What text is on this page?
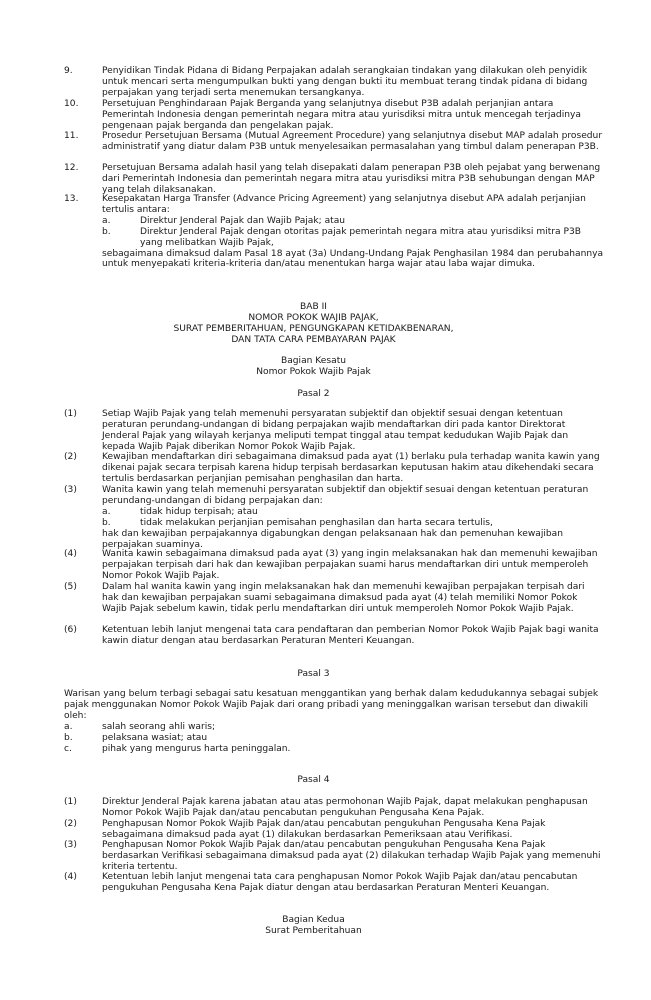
9.	Penyidikan Tindak Pidana di Bidang Perpajakan adalah serangkaian tindakan yang dilakukan oleh penyidik untuk mencari serta mengumpulkan bukti yang dengan bukti itu membuat terang tindak pidana di bidang perpajakan yang terjadi serta menemukan tersangkanya.
10.	Persetujuan Penghindaraan Pajak Berganda yang selanjutnya disebut P3B adalah perjanjian antara Pemerintah Indonesia dengan pemerintah negara mitra atau yurisdiksi mitra untuk mencegah terjadinya pengenaan pajak berganda dan pengelakan pajak.
11.	Prosedur Persetujuan Bersama (Mutual Agreement Procedure) yang selanjutnya disebut MAP adalah prosedur administratif yang diatur dalam P3B untuk menyelesaikan permasalahan yang timbul dalam penerapan P3B.
12.	Persetujuan Bersama adalah hasil yang telah disepakati dalam penerapan P3B oleh pejabat yang berwenang dari Pemerintah Indonesia dan pemerintah negara mitra atau yurisdiksi mitra P3B sehubungan dengan MAP yang telah dilaksanakan.
13.	Kesepakatan Harga Transfer (Advance Pricing Agreement) yang selanjutnya disebut APA adalah perjanjian tertulis antara:
a.	Direktur Jenderal Pajak dan Wajib Pajak; atau
b.	Direktur Jenderal Pajak dengan otoritas pajak pemerintah negara mitra atau yurisdiksi mitra P3B yang melibatkan Wajib Pajak,
sebagaimana dimaksud dalam Pasal 18 ayat (3a) Undang-Undang Pajak Penghasilan 1984 dan perubahannya untuk menyepakati kriteria-kriteria dan/atau menentukan harga wajar atau laba wajar dimuka.
BAB II
NOMOR POKOK WAJIB PAJAK,
SURAT PEMBERITAHUAN, PENGUNGKAPAN KETIDAKBENARAN,
DAN TATA CARA PEMBAYARAN PAJAK
Bagian Kesatu
Nomor Pokok Wajib Pajak
Pasal 2
(1)	Setiap Wajib Pajak yang telah memenuhi persyaratan subjektif dan objektif sesuai dengan ketentuan peraturan perundang-undangan di bidang perpajakan wajib mendaftarkan diri pada kantor Direktorat Jenderal Pajak yang wilayah kerjanya meliputi tempat tinggal atau tempat kedudukan Wajib Pajak dan kepada Wajib Pajak diberikan Nomor Pokok Wajib Pajak.
(2)	Kewajiban mendaftarkan diri sebagaimana dimaksud pada ayat (1) berlaku pula terhadap wanita kawin yang dikenai pajak secara terpisah karena hidup terpisah berdasarkan keputusan hakim atau dikehendaki secara tertulis berdasarkan perjanjian pemisahan penghasilan dan harta.
(3)	Wanita kawin yang telah memenuhi persyaratan subjektif dan objektif sesuai dengan ketentuan peraturan perundang-undangan di bidang perpajakan dan:
a.	tidak hidup terpisah; atau
b.	tidak melakukan perjanjian pemisahan penghasilan dan harta secara tertulis,
hak dan kewajiban perpajakannya digabungkan dengan pelaksanaan hak dan pemenuhan kewajiban perpajakan suaminya.
(4)	Wanita kawin sebagaimana dimaksud pada ayat (3) yang ingin melaksanakan hak dan memenuhi kewajiban perpajakan terpisah dari hak dan kewajiban perpajakan suami harus mendaftarkan diri untuk memperoleh Nomor Pokok Wajib Pajak.
(5)	Dalam hal wanita kawin yang ingin melaksanakan hak dan memenuhi kewajiban perpajakan terpisah dari hak dan kewajiban perpajakan suami sebagaimana dimaksud pada ayat (4) telah memiliki Nomor Pokok Wajib Pajak sebelum kawin, tidak perlu mendaftarkan diri untuk memperoleh Nomor Pokok Wajib Pajak.
(6)	Ketentuan lebih lanjut mengenai tata cara pendaftaran dan pemberian Nomor Pokok Wajib Pajak bagi wanita kawin diatur dengan atau berdasarkan Peraturan Menteri Keuangan.
Pasal 3
Warisan yang belum terbagi sebagai satu kesatuan menggantikan yang berhak dalam kedudukannya sebagai subjek pajak menggunakan Nomor Pokok Wajib Pajak dari orang pribadi yang meninggalkan warisan tersebut dan diwakili oleh:
a.	salah seorang ahli waris;
b.	pelaksana wasiat; atau
c.	pihak yang mengurus harta peninggalan.
Pasal 4
(1)	Direktur Jenderal Pajak karena jabatan atau atas permohonan Wajib Pajak, dapat melakukan penghapusan Nomor Pokok Wajib Pajak dan/atau pencabutan pengukuhan Pengusaha Kena Pajak.
(2)	Penghapusan Nomor Pokok Wajib Pajak dan/atau pencabutan pengukuhan Pengusaha Kena Pajak sebagaimana dimaksud pada ayat (1) dilakukan berdasarkan Pemeriksaan atau Verifikasi.
(3)	Penghapusan Nomor Pokok Wajib Pajak dan/atau pencabutan pengukuhan Pengusaha Kena Pajak berdasarkan Verifikasi sebagaimana dimaksud pada ayat (2) dilakukan terhadap Wajib Pajak yang memenuhi kriteria tertentu.
(4)	Ketentuan lebih lanjut mengenai tata cara penghapusan Nomor Pokok Wajib Pajak dan/atau pencabutan pengukuhan Pengusaha Kena Pajak diatur dengan atau berdasarkan Peraturan Menteri Keuangan.
Bagian Kedua
Surat Pemberitahuan
